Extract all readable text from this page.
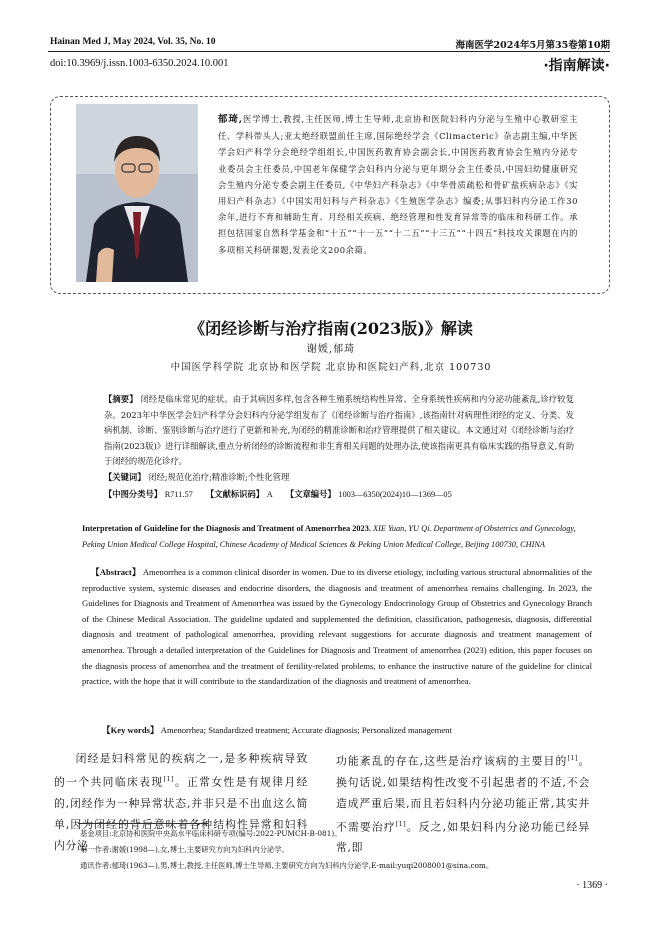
Hainan Med J, May 2024, Vol. 35, No. 10	海南医学2024年5月第35卷第10期
doi:10.3969/j.issn.1003-6350.2024.10.001	·指南解读·
郁琦,医学博士,教授,主任医师,博士生导师,北京协和医院妇科内分泌与生殖中心教研室主任、学科带头人;亚太绝经联盟前任主席,国际绝经学会《Climacteric》杂志副主编,中华医学会妇产科学分会绝经学组组长,中国医药教育协会副会长,中国医药教育协会生殖内分泌专业委员会主任委员,中国老年保健学会妇科内分泌与更年期分会主任委员,中国妇幼健康研究会生殖内分泌专委会副主任委员,《中华妇产科杂志》《中华骨质疏松和骨矿盐疾病杂志》《实用妇产科杂志》《中国实用妇科与产科杂志》《生殖医学杂志》编委;从事妇科内分泌工作30余年,进行不育和辅助生育、月经相关疾病、绝经管理和性发育异常等的临床和科研工作。承担包括国家自然科学基金和“十五”“十一五”“十二五”“十三五”“十四五”科技攻关课题在内的多项相关科研课题,发表论文200余篇。
《闭经诊断与治疗指南(2023版)》解读
谢媛,郁琦
中国医学科学院 北京协和医学院 北京协和医院妇产科,北京 100730
【摘要】 闭经是临床常见的症状。由于其病因多样,包含各种生殖系统结构性异常、全身系统性疾病和内分泌功能紊乱,诊疗较复杂。2023年中华医学会妇产科学分会妇科内分泌学组发布了《闭经诊断与治疗指南》,该指南针对病理性闭经的定义、分类、发病机制、诊断、鉴别诊断与治疗进行了更新和补充,为闭经的精准诊断和治疗管理提供了相关建议。本文通过对《闭经诊断与治疗指南(2023版)》进行详细解读,重点分析闭经的诊断流程和非生育相关问题的处理办法,使该指南更具有临床实践的指导意义,有助于闭经的规范化诊疗。
【关键词】 闭经;规范化治疗;精准诊断;个性化管理
【中图分类号】 R711.57 【文献标识码】 A 【文章编号】 1003—6350(2024)10—1369—05
Interpretation of Guideline for the Diagnosis and Treatment of Amenorrhea 2023. XIE Yuan, YU Qi. Department of Obstetrics and Gynecology, Peking Union Medical College Hospital, Chinese Academy of Medical Sciences & Peking Union Medical College, Beijing 100730, CHINA
【Abstract】 Amenorrhea is a common clinical disorder in women. Due to its diverse etiology, including various structural abnormalities of the reproductive system, systemic diseases and endocrine disorders, the diagnosis and treatment of amenorrhea remains challenging. In 2023, the Guidelines for Diagnosis and Treatment of Amenorrhea was issued by the Gynecology Endocrinology Group of Obstetrics and Gynecology Branch of the Chinese Medical Association. The guideline updated and supplemented the definition, classification, pathogenesis, diagnosis, differential diagnosis and treatment of pathological amenorrhea, providing relevant suggestions for accurate diagnosis and treatment management of amenorrhea. Through a detailed interpretation of the Guidelines for Diagnosis and Treatment of amenorrhea (2023) edition, this paper focuses on the diagnosis process of amenorrhea and the treatment of fertility-related problems, to enhance the instructive nature of the guideline for clinical practice, with the hope that it will contribute to the standardization of the diagnosis and treatment of amenorrhea.
【Key words】 Amenorrhea; Standardized treatment; Accurate diagnosis; Personalized management
闭经是妇科常见的疾病之一,是多种疾病导致的一个共同临床表现[1]。正常女性是有规律月经的,闭经作为一种异常状态,并非只是不出血这么简单,因为闭经的背后意味着各种结构性异常和妇科内分泌
功能紊乱的存在,这些是治疗该病的主要目的[1]。换句话说,如果结构性改变不引起患者的不适,不会造成严重后果,而且若妇科内分泌功能正常,其实并不需要治疗[1]。反之,如果妇科内分泌功能已经异常,即
基金项目:北京协和医院中央高水平临床科研专项(编号:2022-PUMCH-B-081)。
第一作者:谢媛(1998—),女,博士,主要研究方向为妇科内分泌学。
通讯作者:郁琦(1963—),男,博士,教授,主任医师,博士生导师,主要研究方向为妇科内分泌学,E-mail:yuqi2008001@sina.com。
· 1369 ·
